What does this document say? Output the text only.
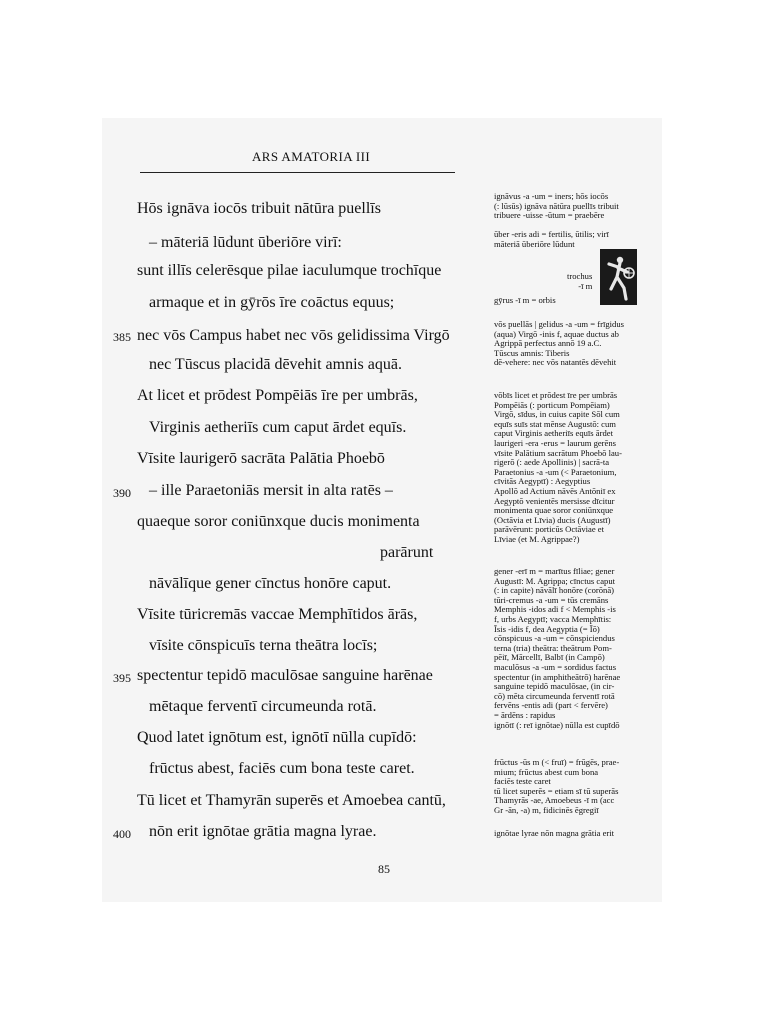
ARS AMATORIA III
Hōs ignāva iocōs tribuit nātūra puellīs
– māteriā lūdunt ūberiōre virī:
sunt illīs celerēsque pilae iaculumque trochīque
armaque et in gȳrōs īre coāctus equus;
385 nec vōs Campus habet nec vōs gelidissima Virgō
nec Tūscus placidā dēvehit amnis aquā.
At licet et prōdest Pompēiās īre per umbrās,
Virginis aetheriīs cum caput ārdet equīs.
Vīsite laurigerō sacrāta Palātia Phoebō
390 – ille Paraetoniās mersit in alta ratēs –
quaeque soror coniūnxque ducis monimenta
parārunt
nāvālīque gener cīnctus honōre caput.
Vīsite tūricremās vaccae Memphītidos ārās,
vīsite cōnspicuīs terna theātra locīs;
395 spectentur tepidō maculōsae sanguine harēnae
mētaque ferventī circumeunda rotā.
Quod latet ignōtum est, ignōtī nūlla cupīdō:
frūctus abest, faciēs cum bona teste caret.
Tū licet et Thamyrān superēs et Amoebea cantū,
400 nōn erit ignōtae grātia magna lyrae.
ignāvus -a -um = iners; hōs iocōs
(: lūsūs) ignāva nātūra puellīs tribuit
tribuere -uisse -ūtum = praebēre
ūber -eris adi = fertilis, ūtilis; virī
māteriā ūberiōre lūdunt
trochus
-ī m
gȳrus -ī m = orbis
vōs puellās | gelidus -a -um = frīgidus
(aqua) Virgō -inis f, aquae ductus ab
Agrippā perfectus annō 19 a.C.
Tūscus amnis: Tiberis
dē-vehere: nec vōs natantēs dēvehit
vōbīs licet et prōdest īre per umbrās
Pompēiās (: porticum Pompēiam)
Virgō, sīdus, in cuius capite Sōl cum
equīs suīs stat mēnse Augustō: cum
caput Virginis aetheriīs equīs ārdet
laurigeri -era -erus = laurum gerēns
vīsite Palātium sacrātum Phoebō lau-
rigerō (: aede Apollinis) | sacrā-ta
Paraetonius -a -um (< Paraetonium,
cīvitās Aegyptī) : Aegyptius
Apollō ad Actium nāvēs Antōniī ex
Aegyptō venientēs mersisse dīcitur
monimenta quae soror coniūnxque
(Octāvia et Līvia) ducis (Augustī)
parāvērunt: porticūs Octāviae et
Līviae (et M. Agrippae?)
gener -erī m = marītus fīliae; gener
Augustī: M. Agrippa; cīnctus caput
(: in capite) nāvālī honōre (corōnā)
tūri-cremus -a -um = tūs cremāns
Memphis -idos adi f < Memphis -is
f, urbs Aegyptī; vacca Memphītis:
Īsis -idis f, dea Aegyptia (= Īō)
cōnspicuus -a -um = cōnspiciendus
terna (tria) theātra: theātrum Pom-
pēiī, Mārcellī, Balbī (in Campō)
maculōsus -a -um = sordidus factus
spectentur (in amphitheātrō) harēnae
sanguine tepidō maculōsae, (in cir-
cō) mēta circumeunda ferventī rotā
fervēns -entis adi (part < fervēre)
= ārdēns : rapidus
ignōtī (: reī ignōtae) nūlla est cupīdō
frūctus -ūs m (< fruī) = frūgēs, prae-
mium; frūctus abest cum bona
faciēs teste caret
tū licet superēs = etiam sī tū superās
Thamyrās -ae, Amoebeus -ī m (acc
Gr -ān, -a) m, fidicinēs ēgregiī
ignōtae lyrae nōn magna grātia erit
85
